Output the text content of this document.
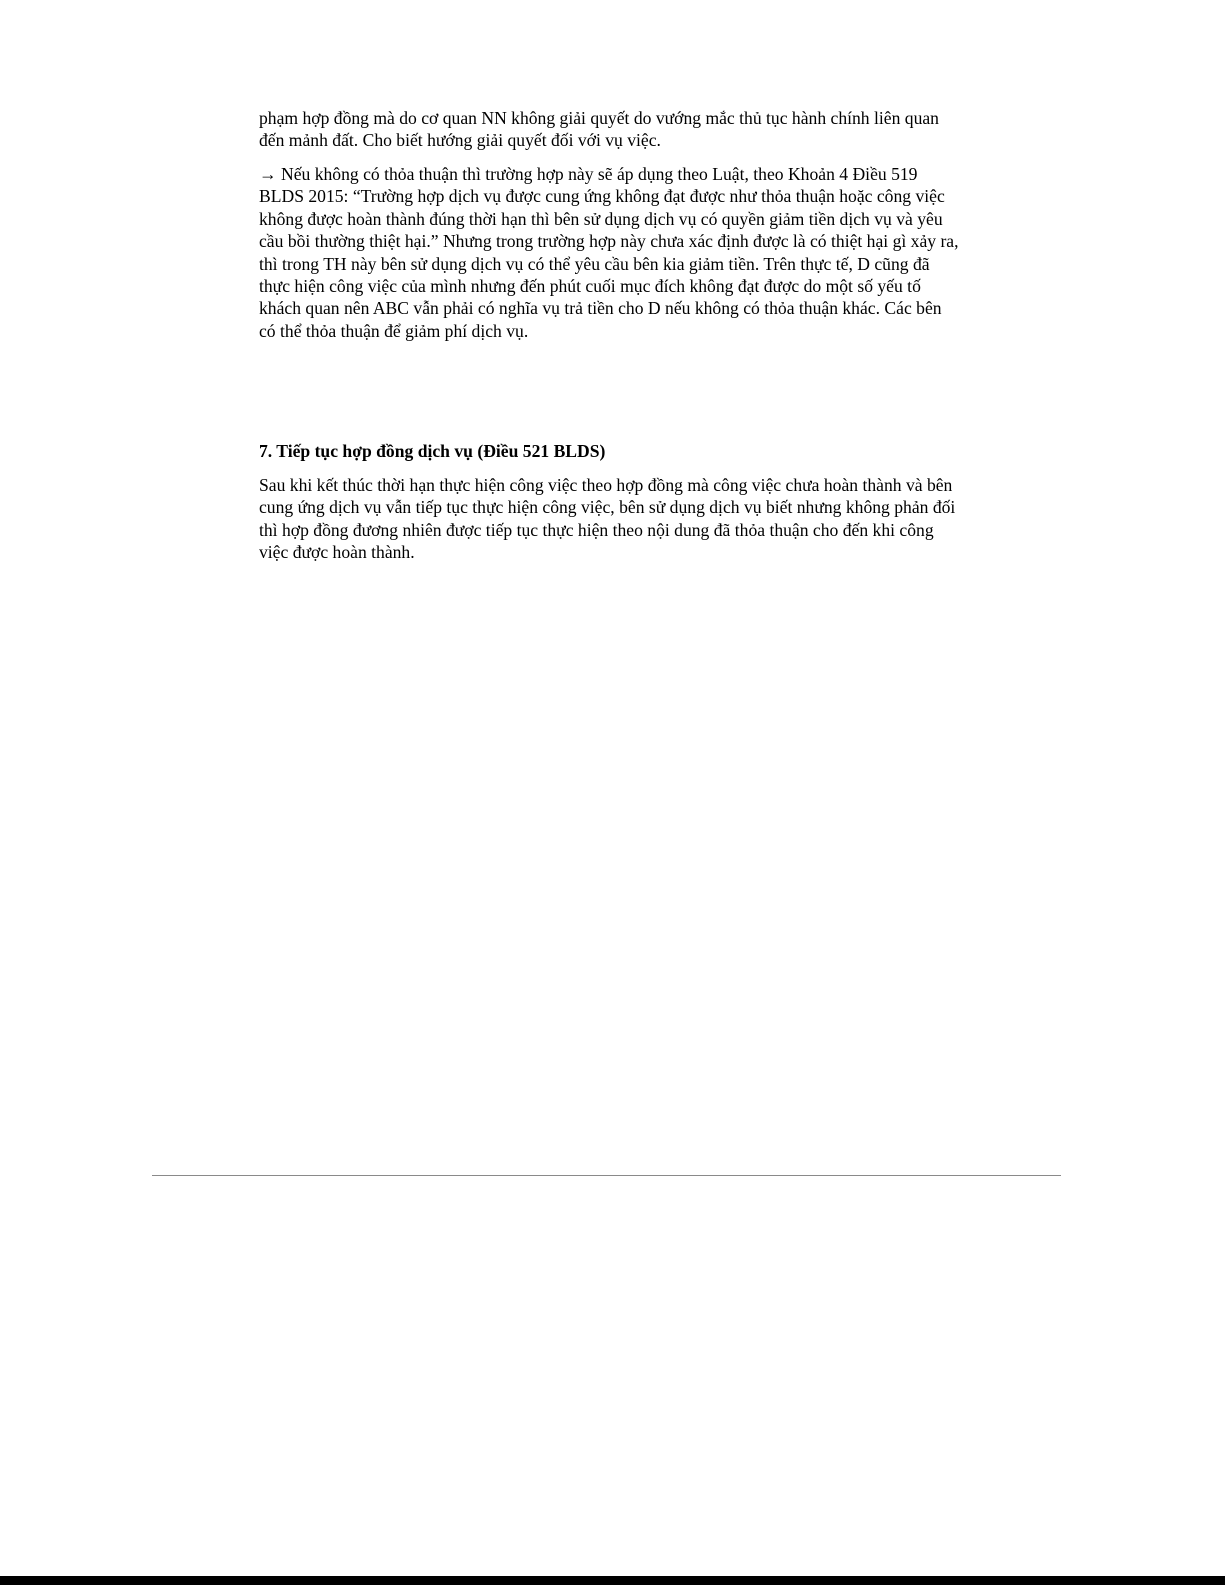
phạm hợp đồng mà do cơ quan NN không giải quyết do vướng mắc thủ tục hành chính liên quan đến mảnh đất. Cho biết hướng giải quyết đối với vụ việc.

→ Nếu không có thỏa thuận thì trường hợp này sẽ áp dụng theo Luật, theo Khoản 4 Điều 519 BLDS 2015: “Trường hợp dịch vụ được cung ứng không đạt được như thỏa thuận hoặc công việc không được hoàn thành đúng thời hạn thì bên sử dụng dịch vụ có quyền giảm tiền dịch vụ và yêu cầu bồi thường thiệt hại.” Nhưng trong trường hợp này chưa xác định được là có thiệt hại gì xảy ra, thì trong TH này bên sử dụng dịch vụ có thể yêu cầu bên kia giảm tiền. Trên thực tế, D cũng đã thực hiện công việc của mình nhưng đến phút cuối mục đích không đạt được do một số yếu tố khách quan nên ABC vẫn phải có nghĩa vụ trả tiền cho D nếu không có thỏa thuận khác. Các bên có thể thỏa thuận để giảm phí dịch vụ.

7. Tiếp tục hợp đồng dịch vụ (Điều 521 BLDS)

Sau khi kết thúc thời hạn thực hiện công việc theo hợp đồng mà công việc chưa hoàn thành và bên cung ứng dịch vụ vẫn tiếp tục thực hiện công việc, bên sử dụng dịch vụ biết nhưng không phản đối thì hợp đồng đương nhiên được tiếp tục thực hiện theo nội dung đã thỏa thuận cho đến khi công việc được hoàn thành.
